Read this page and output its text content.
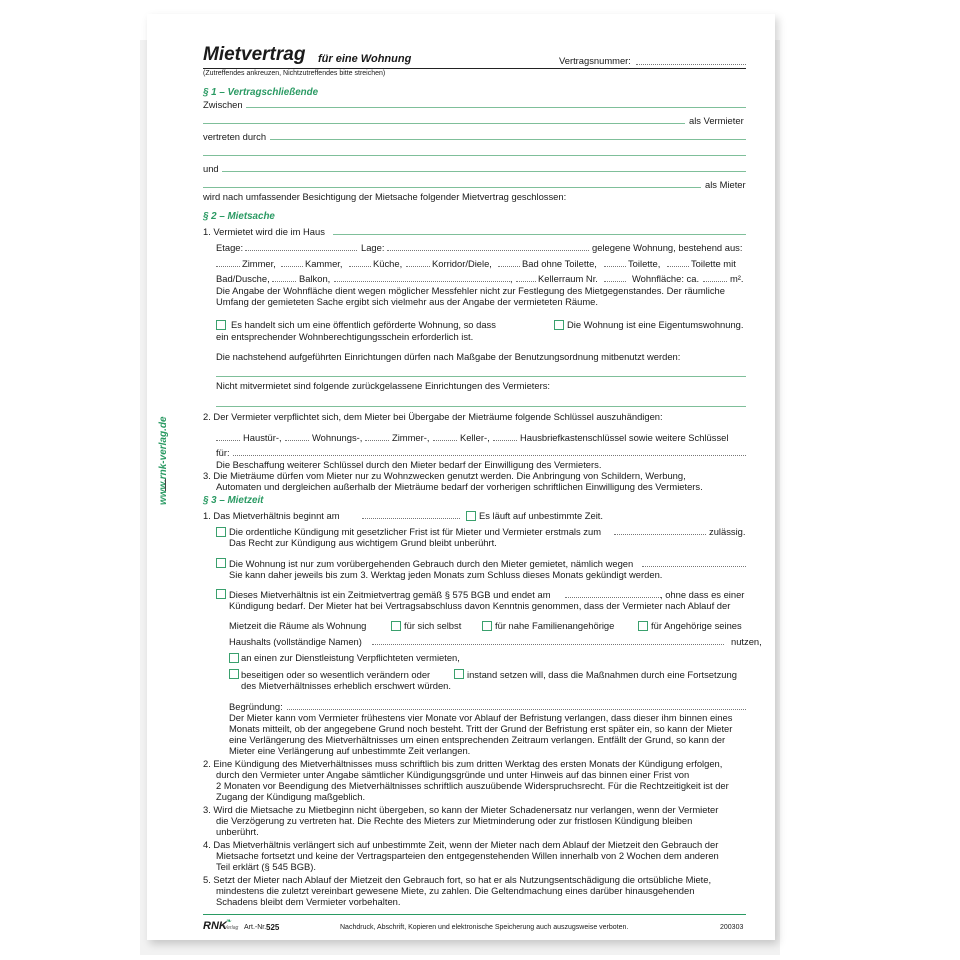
www.rnk-verlag.de
Mietvertrag für eine Wohnung	Vertragsnummer:
(Zutreffendes ankreuzen, Nichtzutreffendes bitte streichen)
§ 1 – Vertragschließende
Zwischen
als Vermieter
vertreten durch
und
als Mieter
wird nach umfassender Besichtigung der Mietsache folgender Mietvertrag geschlossen:
§ 2 – Mietsache
1. Vermietet wird die im Haus
Etage:	Lage:	gelegene Wohnung, bestehend aus:
Zimmer,	Kammer,	Küche,	Korridor/Diele,	Bad ohne Toilette,	Toilette,	Toilette mit
Bad/Dusche,	Balkon,	,	Kellerraum Nr.	Wohnfläche: ca.	m².
Die Angabe der Wohnfläche dient wegen möglicher Messfehler nicht zur Festlegung des Mietgegenstandes. Der räumliche
Umfang der gemieteten Sache ergibt sich vielmehr aus der Angabe der vermieteten Räume.
Es handelt sich um eine öffentlich geförderte Wohnung, so dass
ein entsprechender Wohnberechtigungsschein erforderlich ist.
Die Wohnung ist eine Eigentumswohnung.
Die nachstehend aufgeführten Einrichtungen dürfen nach Maßgabe der Benutzungsordnung mitbenutzt werden:
Nicht mitvermietet sind folgende zurückgelassene Einrichtungen des Vermieters:
2. Der Vermieter verpflichtet sich, dem Mieter bei Übergabe der Mieträume folgende Schlüssel auszuhändigen:
Haustür-,	Wohnungs-,	Zimmer-,	Keller-,	Hausbriefkastenschlüssel sowie weitere Schlüssel
für:
Die Beschaffung weiterer Schlüssel durch den Mieter bedarf der Einwilligung des Vermieters.
3. Die Mieträume dürfen vom Mieter nur zu Wohnzwecken genutzt werden. Die Anbringung von Schildern, Werbung,
Automaten und dergleichen außerhalb der Mieträume bedarf der vorherigen schriftlichen Einwilligung des Vermieters.
§ 3 – Mietzeit
1. Das Mietverhältnis beginnt am	Es läuft auf unbestimmte Zeit.
Die ordentliche Kündigung mit gesetzlicher Frist ist für Mieter und Vermieter erstmals zum	zulässig.
Das Recht zur Kündigung aus wichtigem Grund bleibt unberührt.
Die Wohnung ist nur zum vorübergehenden Gebrauch durch den Mieter gemietet, nämlich wegen
Sie kann daher jeweils bis zum 3. Werktag jeden Monats zum Schluss dieses Monats gekündigt werden.
Dieses Mietverhältnis ist ein Zeitmietvertrag gemäß § 575 BGB und endet am	, ohne dass es einer
Kündigung bedarf. Der Mieter hat bei Vertragsabschluss davon Kenntnis genommen, dass der Vermieter nach Ablauf der
Mietzeit die Räume als Wohnung	für sich selbst	für nahe Familienangehörige	für Angehörige seines
Haushalts (vollständige Namen)	nutzen,
an einen zur Dienstleistung Verpflichteten vermieten,
beseitigen oder so wesentlich verändern oder	instand setzen will, dass die Maßnahmen durch eine Fortsetzung
des Mietverhältnisses erheblich erschwert würden.
Begründung:
Der Mieter kann vom Vermieter frühestens vier Monate vor Ablauf der Befristung verlangen, dass dieser ihm binnen eines
Monats mitteilt, ob der angegebene Grund noch besteht. Tritt der Grund der Befristung erst später ein, so kann der Mieter
eine Verlängerung des Mietverhältnisses um einen entsprechenden Zeitraum verlangen. Entfällt der Grund, so kann der
Mieter eine Verlängerung auf unbestimmte Zeit verlangen.
2. Eine Kündigung des Mietverhältnisses muss schriftlich bis zum dritten Werktag des ersten Monats der Kündigung erfolgen,
durch den Vermieter unter Angabe sämtlicher Kündigungsgründe und unter Hinweis auf das binnen einer Frist von
2 Monaten vor Beendigung des Mietverhältnisses schriftlich auszuübende Widerspruchsrecht. Für die Rechtzeitigkeit ist der
Zugang der Kündigung maßgeblich.
3. Wird die Mietsache zu Mietbeginn nicht übergeben, so kann der Mieter Schadenersatz nur verlangen, wenn der Vermieter
die Verzögerung zu vertreten hat. Die Rechte des Mieters zur Mietminderung oder zur fristlosen Kündigung bleiben
unberührt.
4. Das Mietverhältnis verlängert sich auf unbestimmte Zeit, wenn der Mieter nach dem Ablauf der Mietzeit den Gebrauch der
Mietsache fortsetzt und keine der Vertragsparteien den entgegenstehenden Willen innerhalb von 2 Wochen dem anderen
Teil erklärt (§ 545 BGB).
5. Setzt der Mieter nach Ablauf der Mietzeit den Gebrauch fort, so hat er als Nutzungsentschädigung die ortsübliche Miete,
mindestens die zuletzt vereinbart gewesene Miete, zu zahlen. Die Geltendmachung eines darüber hinausgehenden
Schadens bleibt dem Vermieter vorbehalten.
RNK
Verlag
❧
Art.-Nr. 525	Nachdruck, Abschrift, Kopieren und elektronische Speicherung auch auszugsweise verboten.	200303
